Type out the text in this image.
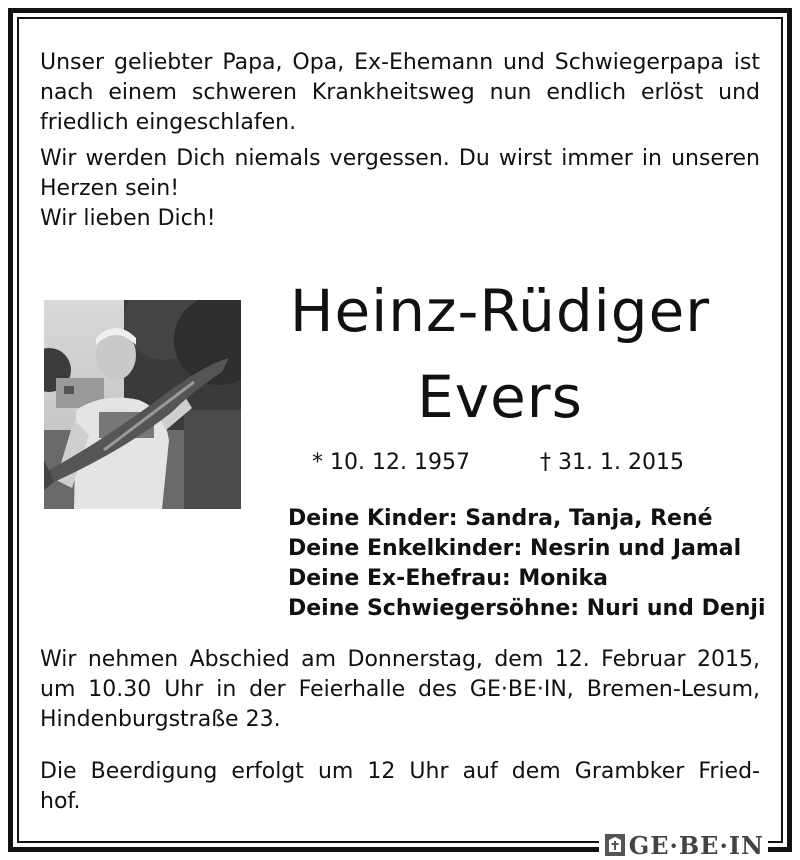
Unser geliebter Papa, Opa, Ex-Ehemann und Schwiegerpapa ist
nach einem schweren Krankheitsweg nun endlich erlöst und
friedlich eingeschlafen.
Wir werden Dich niemals vergessen. Du wirst immer in unseren
Herzen sein!
Wir lieben Dich!
Heinz-Rüdiger
Evers
* 10. 12. 1957	† 31. 1. 2015
Deine Kinder: Sandra, Tanja, René
Deine Enkelkinder: Nesrin und Jamal
Deine Ex-Ehefrau: Monika
Deine Schwiegersöhne: Nuri und Denji
Wir nehmen Abschied am Donnerstag, dem 12. Februar 2015,
um 10.30 Uhr in der Feierhalle des GE·BE·IN, Bremen-Lesum,
Hindenburgstraße 23.
Die Beerdigung erfolgt um 12 Uhr auf dem Grambker Fried-
hof.
GE·BE·IN
